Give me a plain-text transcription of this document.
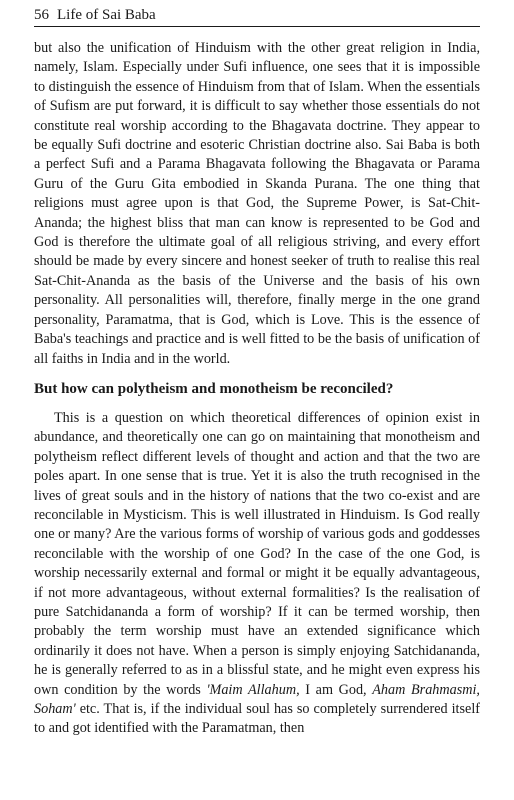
56 Life of Sai Baba

but also the unification of Hinduism with the other great religion in India, namely, Islam. Especially under Sufi influence, one sees that it is impossible to distinguish the essence of Hinduism from that of Islam. When the essentials of Sufism are put forward, it is difficult to say whether those essentials do not constitute real worship according to the Bhagavata doctrine. They appear to be equally Sufi doctrine and esoteric Christian doctrine also. Sai Baba is both a perfect Sufi and a Parama Bhagavata following the Bhagavata or Parama Guru of the Guru Gita embodied in Skanda Purana. The one thing that religions must agree upon is that God, the Supreme Power, is Sat-Chit-Ananda; the highest bliss that man can know is represented to be God and God is therefore the ultimate goal of all religious striving, and every effort should be made by every sincere and honest seeker of truth to realise this real Sat-Chit-Ananda as the basis of the Universe and the basis of his own personality. All personalities will, therefore, finally merge in the one grand personality, Paramatma, that is God, which is Love. This is the essence of Baba's teachings and practice and is well fitted to be the basis of unification of all faiths in India and in the world.

But how can polytheism and monotheism be reconciled?

This is a question on which theoretical differences of opinion exist in abundance, and theoretically one can go on maintaining that monotheism and polytheism reflect different levels of thought and action and that the two are poles apart. In one sense that is true. Yet it is also the truth recognised in the lives of great souls and in the history of nations that the two co-exist and are reconcilable in Mysticism. This is well illustrated in Hinduism. Is God really one or many? Are the various forms of worship of various gods and goddesses reconcilable with the worship of one God? In the case of the one God, is worship necessarily external and formal or might it be equally advantageous, if not more advantageous, without external formalities? Is the realisation of pure Satchidananda a form of worship? If it can be termed worship, then probably the term worship must have an extended significance which ordinarily it does not have. When a person is simply enjoying Satchidananda, he is generally referred to as in a blissful state, and he might even express his own condition by the words 'Maim Allahum, I am God, Aham Brahmasmi, Soham' etc. That is, if the individual soul has so completely surrendered itself to and got identified with the Paramatman, then
